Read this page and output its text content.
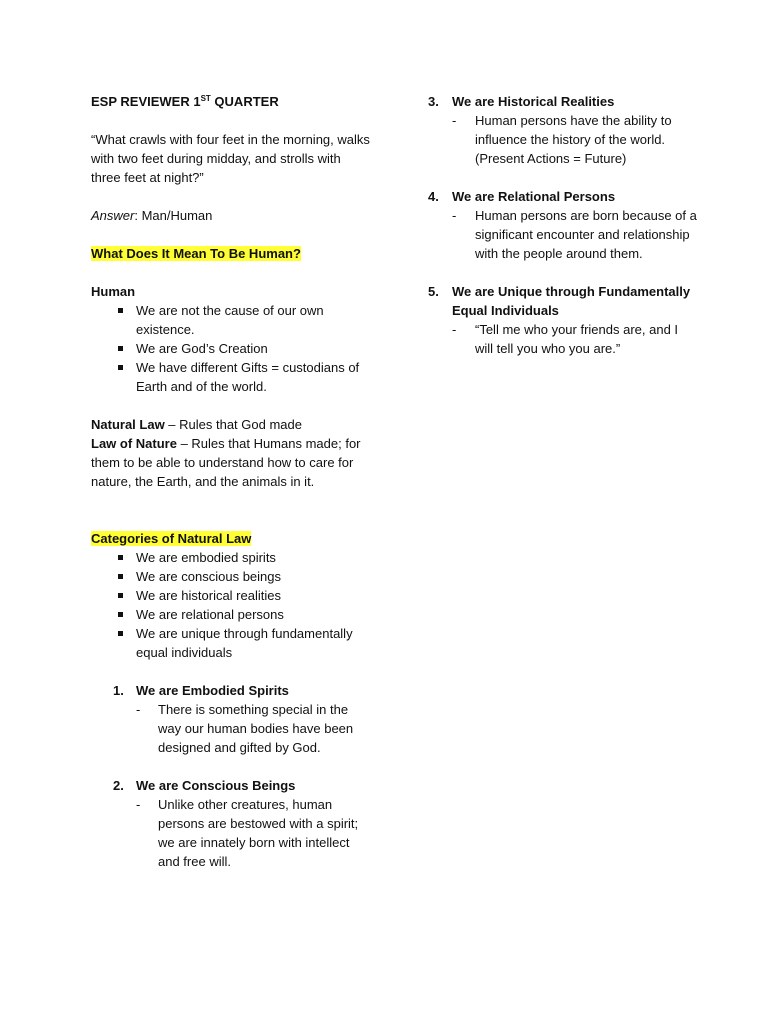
ESP REVIEWER 1ST QUARTER

“What crawls with four feet in the morning, walks with two feet during midday, and strolls with three feet at night?”

Answer: Man/Human

What Does It Mean To Be Human?

Human

We are not the cause of our own existence.
We are God’s Creation
We have different Gifts = custodians of Earth and of the world.

Natural Law – Rules that God made

Law of Nature – Rules that Humans made; for them to be able to understand how to care for nature, the Earth, and the animals in it.

Categories of Natural Law

We are embodied spirits
We are conscious beings
We are historical realities
We are relational persons
We are unique through fundamentally equal individuals
1. We are Embodied Spirits
- There is something special in the way our human bodies have been designed and gifted by God.
2. We are Conscious Beings
- Unlike other creatures, human persons are bestowed with a spirit; we are innately born with intellect and free will.
3. We are Historical Realities
- Human persons have the ability to influence the history of the world. (Present Actions = Future)
4. We are Relational Persons
- Human persons are born because of a significant encounter and relationship with the people around them.
5. We are Unique through Fundamentally Equal Individuals
- “Tell me who your friends are, and I will tell you who you are.”
